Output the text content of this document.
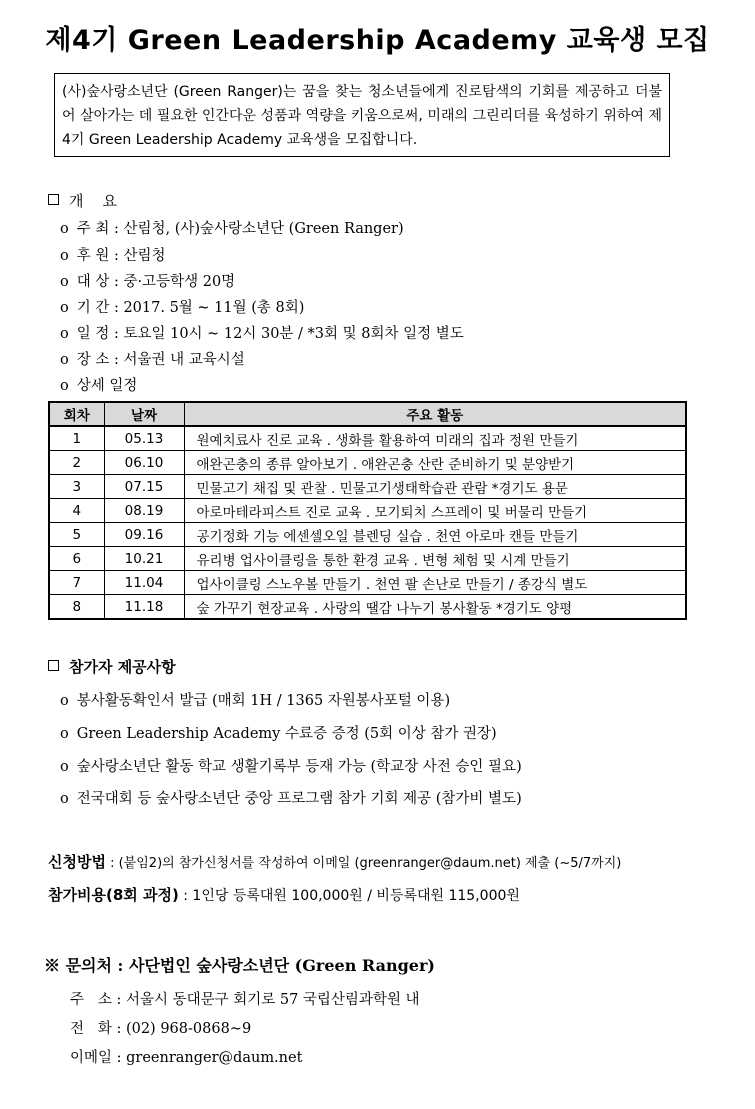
제4기 Green Leadership Academy 교육생 모집
(사)숲사랑소년단 (Green Ranger)는 꿈을 찾는 청소년들에게 진로탐색의 기회를 제공하고 더불어 살아가는 데 필요한 인간다운 성품과 역량을 키움으로써, 미래의 그린리더를 육성하기 위하여 제4기 Green Leadership Academy 교육생을 모집합니다.
개    요
o 주 최 : 산림청, (사)숲사랑소년단 (Green Ranger)
o 후 원 : 산림청
o 대 상 : 중·고등학생 20명
o 기 간 : 2017. 5월 ~ 11월 (총 8회)
o 일 정 : 토요일 10시 ~ 12시 30분 / *3회 및 8회차 일정 별도
o 장 소 : 서울권 내 교육시설
o 상세 일정
회차	날짜	주요 활동
1	05.13	원예치료사 진로 교육 . 생화를 활용하여 미래의 집과 정원 만들기
2	06.10	애완곤충의 종류 알아보기 . 애완곤충 산란 준비하기 및 분양받기
3	07.15	민물고기 채집 및 관찰 . 민물고기생태학습관 관람 *경기도 용문
4	08.19	아로마테라피스트 진로 교육 . 모기퇴치 스프레이 및 버물리 만들기
5	09.16	공기정화 기능 에센셀오일 블렌딩 실습 . 천연 아로마 캔들 만들기
6	10.21	유리병 업사이클링을 통한 환경 교육 . 변형 체험 및 시계 만들기
7	11.04	업사이클링 스노우볼 만들기 . 천연 팔 손난로 만들기 / 종강식 별도
8	11.18	숲 가꾸기 현장교육 . 사랑의 땔감 나누기 봉사활동 *경기도 양평
참가자 제공사항
o 봉사활동확인서 발급 (매회 1H / 1365 자원봉사포털 이용)
o Green Leadership Academy 수료증 증정 (5회 이상 참가 권장)
o 숲사랑소년단 활동 학교 생활기록부 등재 가능 (학교장 사전 승인 필요)
o 전국대회 등 숲사랑소년단 중앙 프로그램 참가 기회 제공 (참가비 별도)
신청방법 : (붙임2)의 참가신청서를 작성하여 이메일 (greenranger@daum.net) 제출 (~5/7까지)
참가비용(8회 과정) : 1인당 등록대원 100,000원 / 비등록대원 115,000원
※ 문의처 : 사단법인 숲사랑소년단 (Green Ranger)
주   소 : 서울시 동대문구 회기로 57 국립산림과학원 내
전   화 : (02) 968-0868~9
이메일 : greenranger@daum.net
